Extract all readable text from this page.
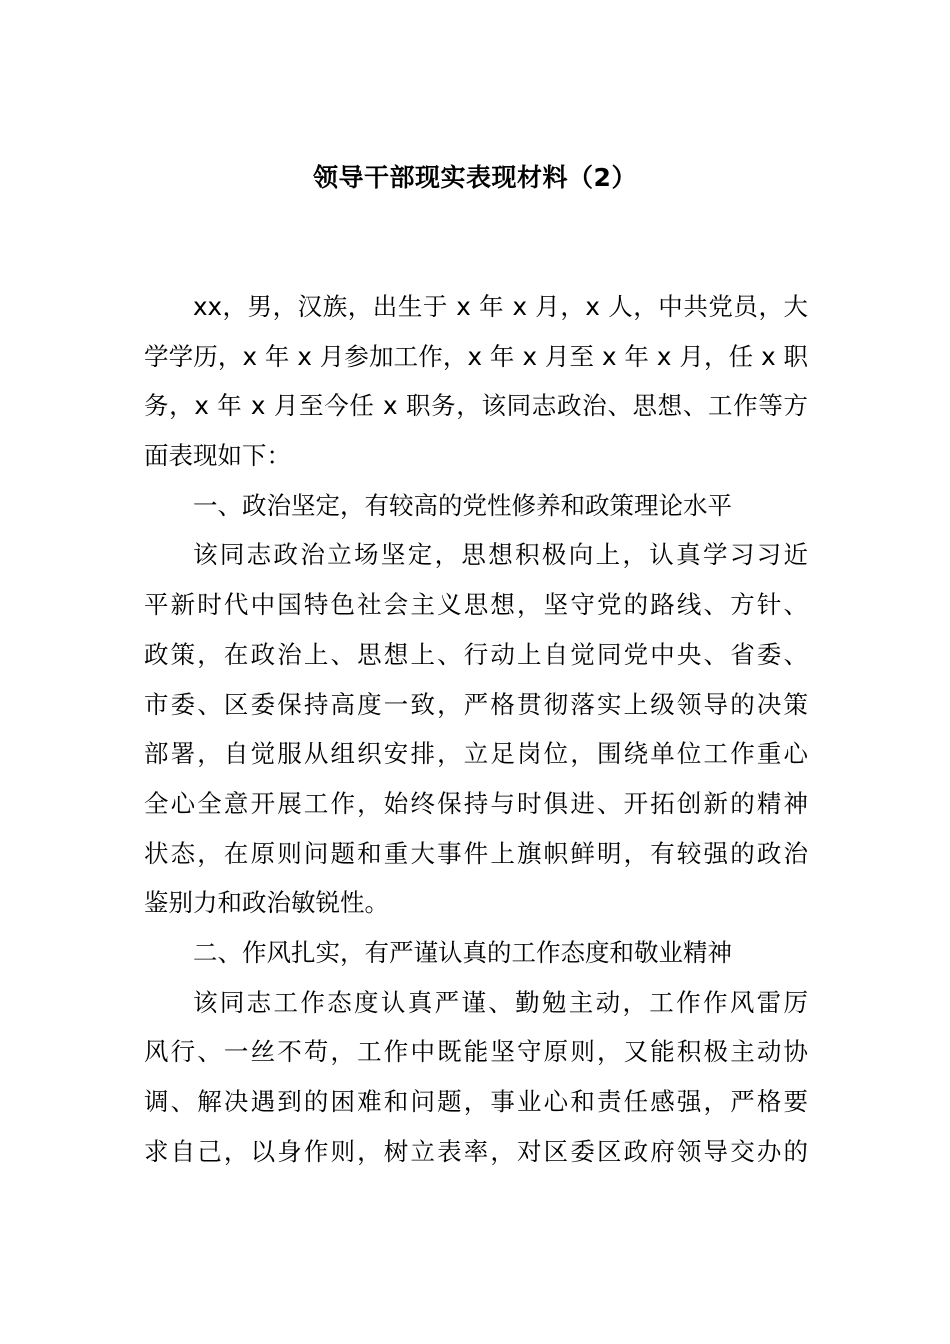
领导干部现实表现材料（2）
xx，男，汉族，出生于 x 年 x 月，x 人，中共党员，大
学学历，x 年 x 月参加工作，x 年 x 月至 x 年 x 月，任 x 职
务，x 年 x 月至今任 x 职务，该同志政治、思想、工作等方
面表现如下：
一、政治坚定，有较高的党性修养和政策理论水平
该同志政治立场坚定，思想积极向上，认真学习习近
平新时代中国特色社会主义思想，坚守党的路线、方针、
政策，在政治上、思想上、行动上自觉同党中央、省委、
市委、区委保持高度一致，严格贯彻落实上级领导的决策
部署，自觉服从组织安排，立足岗位，围绕单位工作重心
全心全意开展工作，始终保持与时俱进、开拓创新的精神
状态，在原则问题和重大事件上旗帜鲜明，有较强的政治
鉴别力和政治敏锐性。
二、作风扎实，有严谨认真的工作态度和敬业精神
该同志工作态度认真严谨、勤勉主动，工作作风雷厉
风行、一丝不苟，工作中既能坚守原则，又能积极主动协
调、解决遇到的困难和问题，事业心和责任感强，严格要
求自己，以身作则，树立表率，对区委区政府领导交办的
